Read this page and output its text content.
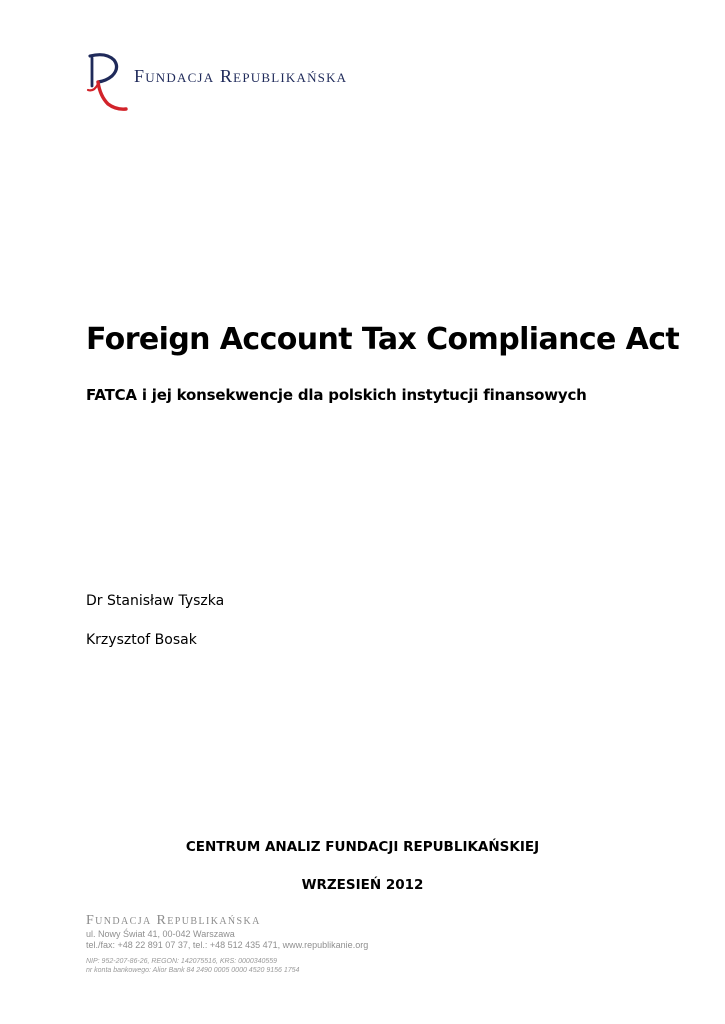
Fundacja Republikańska
Foreign Account Tax Compliance Act
FATCA i jej konsekwencje dla polskich instytucji finansowych
Dr Stanisław Tyszka
Krzysztof Bosak
CENTRUM ANALIZ FUNDACJI REPUBLIKAŃSKIEJ
WRZESIEŃ 2012
Fundacja Republikańska
ul. Nowy Świat 41, 00-042 Warszawa
tel./fax: +48 22 891 07 37, tel.: +48 512 435 471, www.republikanie.org
NIP: 952-207-86-26, REGON: 142075516, KRS: 0000340559
nr konta bankowego: Alior Bank 84 2490 0005 0000 4520 9156 1754
